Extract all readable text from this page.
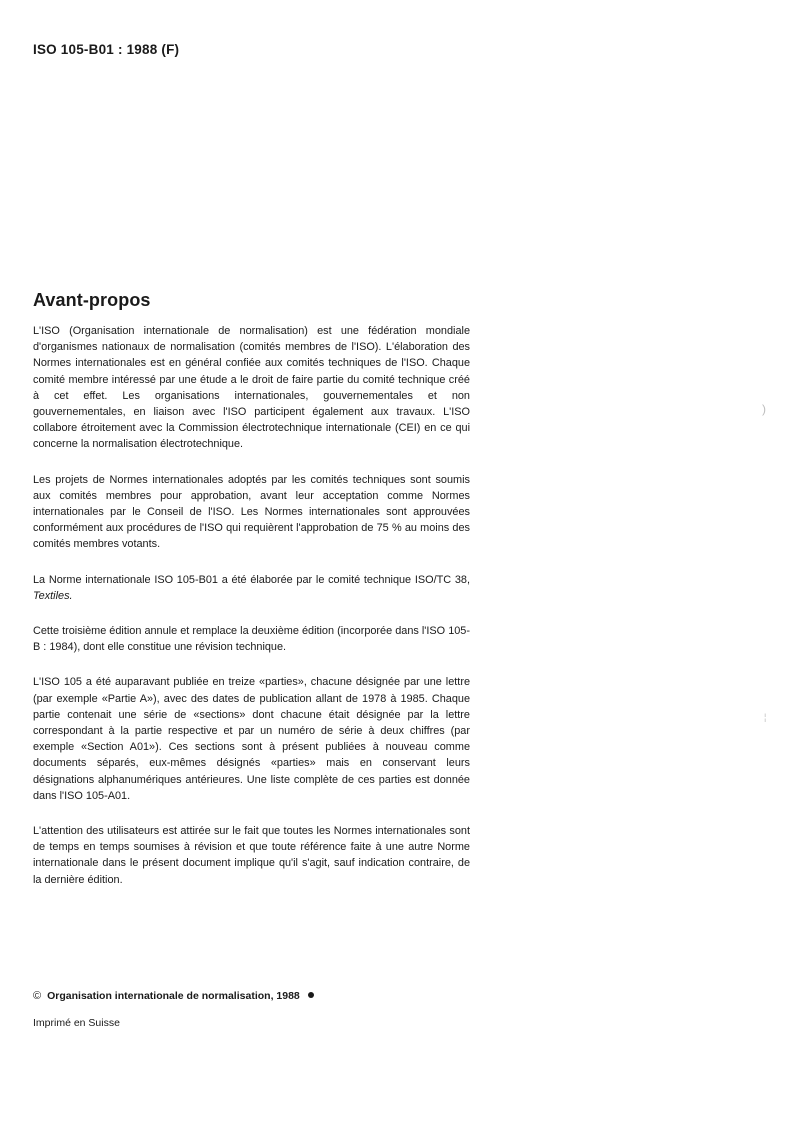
ISO 105-B01 : 1988 (F)
Avant-propos

L'ISO (Organisation internationale de normalisation) est une fédération mondiale d'organismes nationaux de normalisation (comités membres de l'ISO). L'élaboration des Normes internationales est en général confiée aux comités techniques de l'ISO. Chaque comité membre intéressé par une étude a le droit de faire partie du comité technique créé à cet effet. Les organisations internationales, gouvernementales et non gouvernementales, en liaison avec l'ISO participent également aux travaux. L'ISO collabore étroitement avec la Commission électrotechnique internationale (CEI) en ce qui concerne la normalisation électrotechnique.

Les projets de Normes internationales adoptés par les comités techniques sont soumis aux comités membres pour approbation, avant leur acceptation comme Normes internationales par le Conseil de l'ISO. Les Normes internationales sont approuvées conformément aux procédures de l'ISO qui requièrent l'approbation de 75 % au moins des comités membres votants.

La Norme internationale ISO 105-B01 a été élaborée par le comité technique ISO/TC 38, Textiles.

Cette troisième édition annule et remplace la deuxième édition (incorporée dans l'ISO 105-B : 1984), dont elle constitue une révision technique.

L'ISO 105 a été auparavant publiée en treize «parties», chacune désignée par une lettre (par exemple «Partie A»), avec des dates de publication allant de 1978 à 1985. Chaque partie contenait une série de «sections» dont chacune était désignée par la lettre correspondant à la partie respective et par un numéro de série à deux chiffres (par exemple «Section A01»). Ces sections sont à présent publiées à nouveau comme documents séparés, eux-mêmes désignés «parties» mais en conservant leurs désignations alphanumériques antérieures. Une liste complète de ces parties est donnée dans l'ISO 105-A01.

L'attention des utilisateurs est attirée sur le fait que toutes les Normes internationales sont de temps en temps soumises à révision et que toute référence faite à une autre Norme internationale dans le présent document implique qu'il s'agit, sauf indication contraire, de la dernière édition.

© Organisation internationale de normalisation, 1988
Imprimé en Suisse
)
¦
